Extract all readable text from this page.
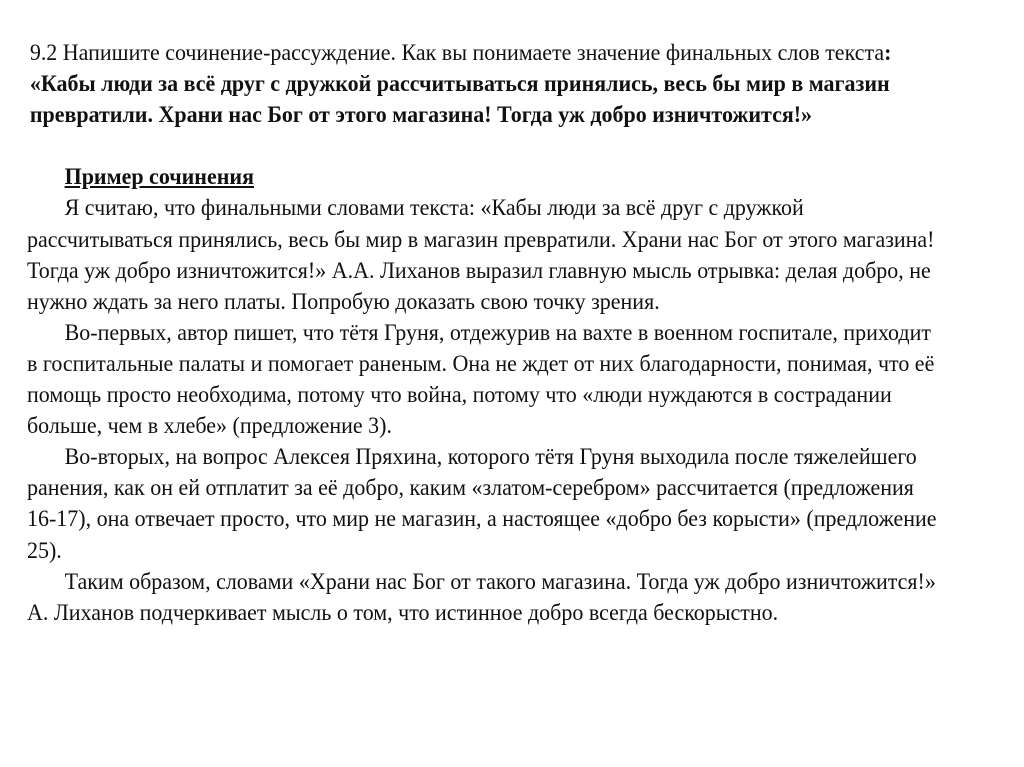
9.2 Напишите сочинение-рассуждение. Как вы понимаете значение финальных слов текста: «Кабы люди за всё друг с дружкой рассчитываться принялись, весь бы мир в магазин превратили. Храни нас Бог от этого магазина! Тогда уж добро изничтожится!»

Пример сочинения

Я считаю, что финальными словами текста: «Кабы люди за всё друг с дружкой рассчитываться принялись, весь бы мир в магазин превратили. Храни нас Бог от этого магазина! Тогда уж добро изничтожится!» А.А. Лиханов выразил главную мысль отрывка: делая добро, не нужно ждать за него платы. Попробую доказать свою точку зрения.

Во-первых, автор пишет, что тётя Груня, отдежурив на вахте в военном госпитале, приходит в госпитальные палаты и помогает раненым. Она не ждет от них благодарности, понимая, что её помощь просто необходима, потому что война, потому что «люди нуждаются в сострадании больше, чем в хлебе» (предложение 3).

Во-вторых, на вопрос Алексея Пряхина, которого тётя Груня выходила после тяжелейшего ранения, как он ей отплатит за её добро, каким «златом-серебром» рассчитается (предложения 16-17), она отвечает просто, что мир не магазин, а настоящее «добро без корысти» (предложение 25).

Таким образом, словами «Храни нас Бог от такого магазина. Тогда уж добро изничтожится!» А. Лиханов подчеркивает мысль о том, что истинное добро всегда бескорыстно.
